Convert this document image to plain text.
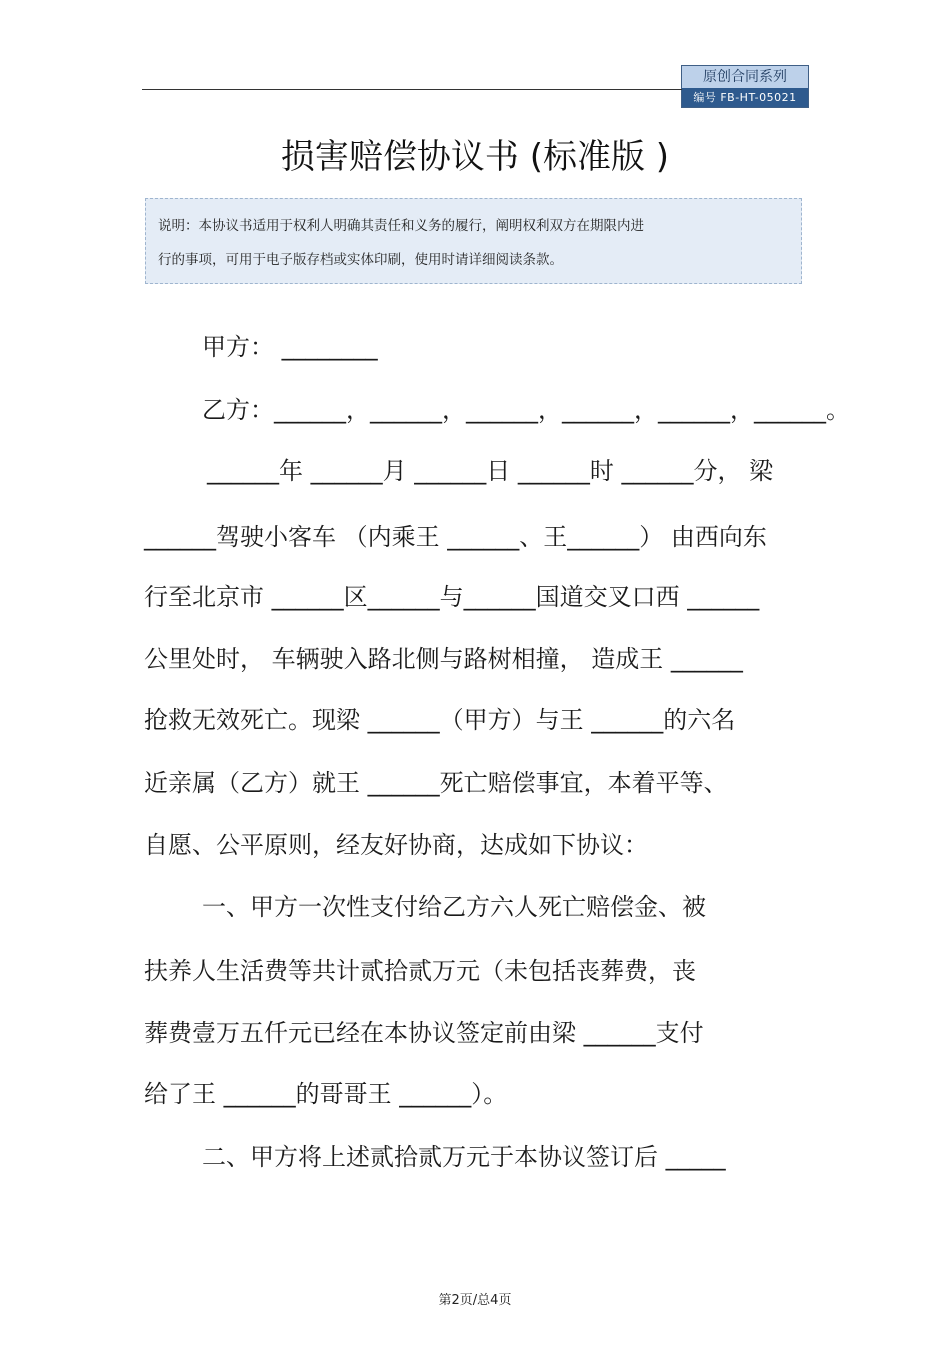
原创合同系列
编号 FB-HT-05021
损害赔偿协议书 (标准版 )

说明：本协议书适用于权利人明确其责任和义务的履行，阐明权利双方在期限内进

行的事项，可用于电子版存档或实体印刷，使用时请详细阅读条款。

甲方： ________
乙方：______，______，______，______，______，______。
______年 ______月 ______日 ______时 ______分， 梁
______驾驶小客车 （内乘王 ______、王______） 由西向东
行至北京市 ______区______与______国道交叉口西 ______
公里处时， 车辆驶入路北侧与路树相撞， 造成王 ______
抢救无效死亡。现梁 ______（甲方）与王 ______的六名
近亲属（乙方）就王 ______死亡赔偿事宜，本着平等、
自愿、公平原则，经友好协商，达成如下协议：
一、甲方一次性支付给乙方六人死亡赔偿金、被
扶养人生活费等共计贰拾贰万元（未包括丧葬费，丧
葬费壹万五仟元已经在本协议签定前由梁 ______支付
给了王 ______的哥哥王 ______）。
二、甲方将上述贰拾贰万元于本协议签订后 _____
第2页/总4页
